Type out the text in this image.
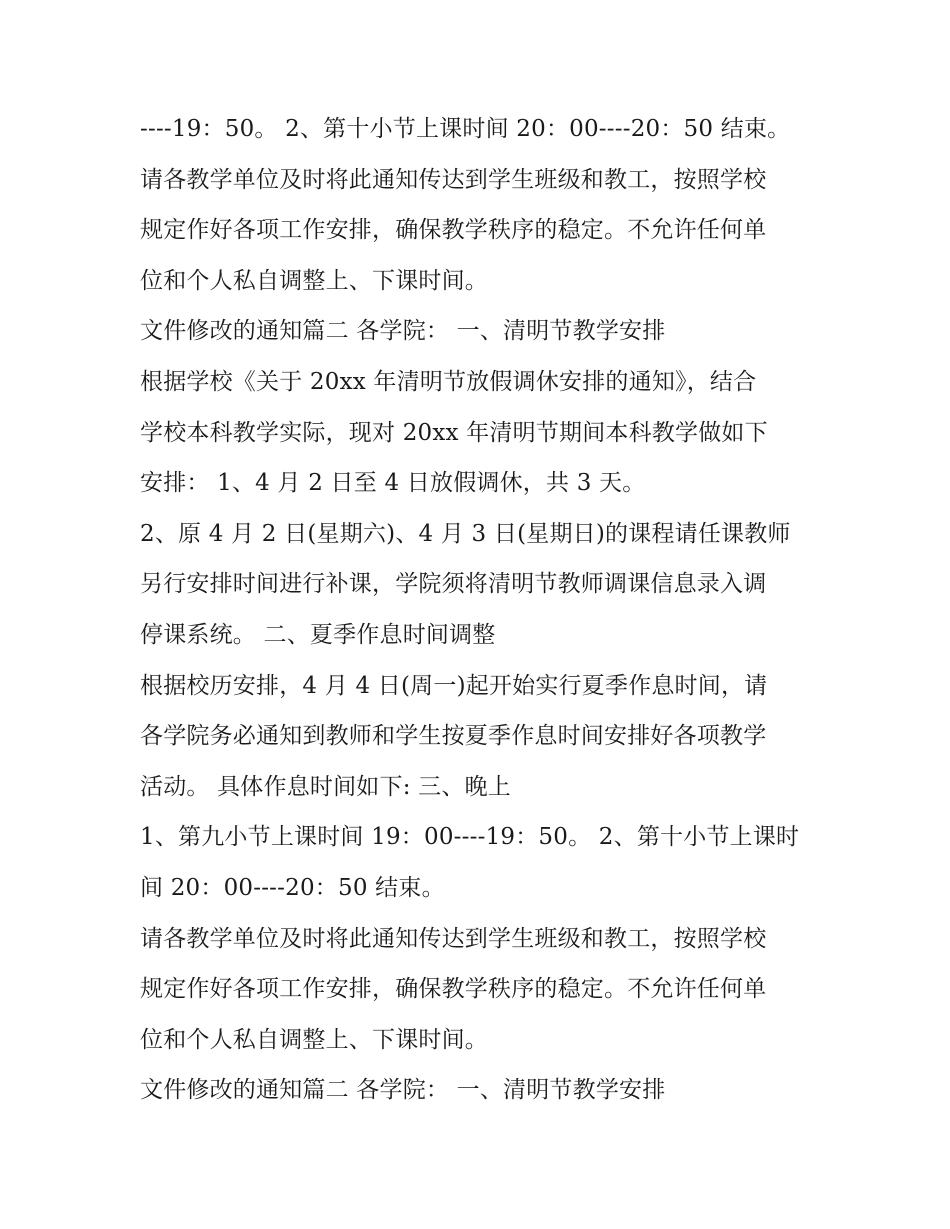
----19：50。 2、第十小节上课时间 20：00----20：50 结束。
请各教学单位及时将此通知传达到学生班级和教工，按照学校
规定作好各项工作安排，确保教学秩序的稳定。不允许任何单
位和个人私自调整上、下课时间。
文件修改的通知篇二 各学院： 一、清明节教学安排
根据学校《关于 20xx 年清明节放假调休安排的通知》，结合
学校本科教学实际，现对 20xx 年清明节期间本科教学做如下
安排： 1、4 月 2 日至 4 日放假调休，共 3 天。
2、原 4 月 2 日(星期六)、4 月 3 日(星期日)的课程请任课教师
另行安排时间进行补课，学院须将清明节教师调课信息录入调
停课系统。 二、夏季作息时间调整
根据校历安排，4 月 4 日(周一)起开始实行夏季作息时间，请
各学院务必通知到教师和学生按夏季作息时间安排好各项教学
活动。 具体作息时间如下: 三、晚上
1、第九小节上课时间 19：00----19：50。 2、第十小节上课时
间 20：00----20：50 结束。
请各教学单位及时将此通知传达到学生班级和教工，按照学校
规定作好各项工作安排，确保教学秩序的稳定。不允许任何单
位和个人私自调整上、下课时间。
文件修改的通知篇二 各学院： 一、清明节教学安排
